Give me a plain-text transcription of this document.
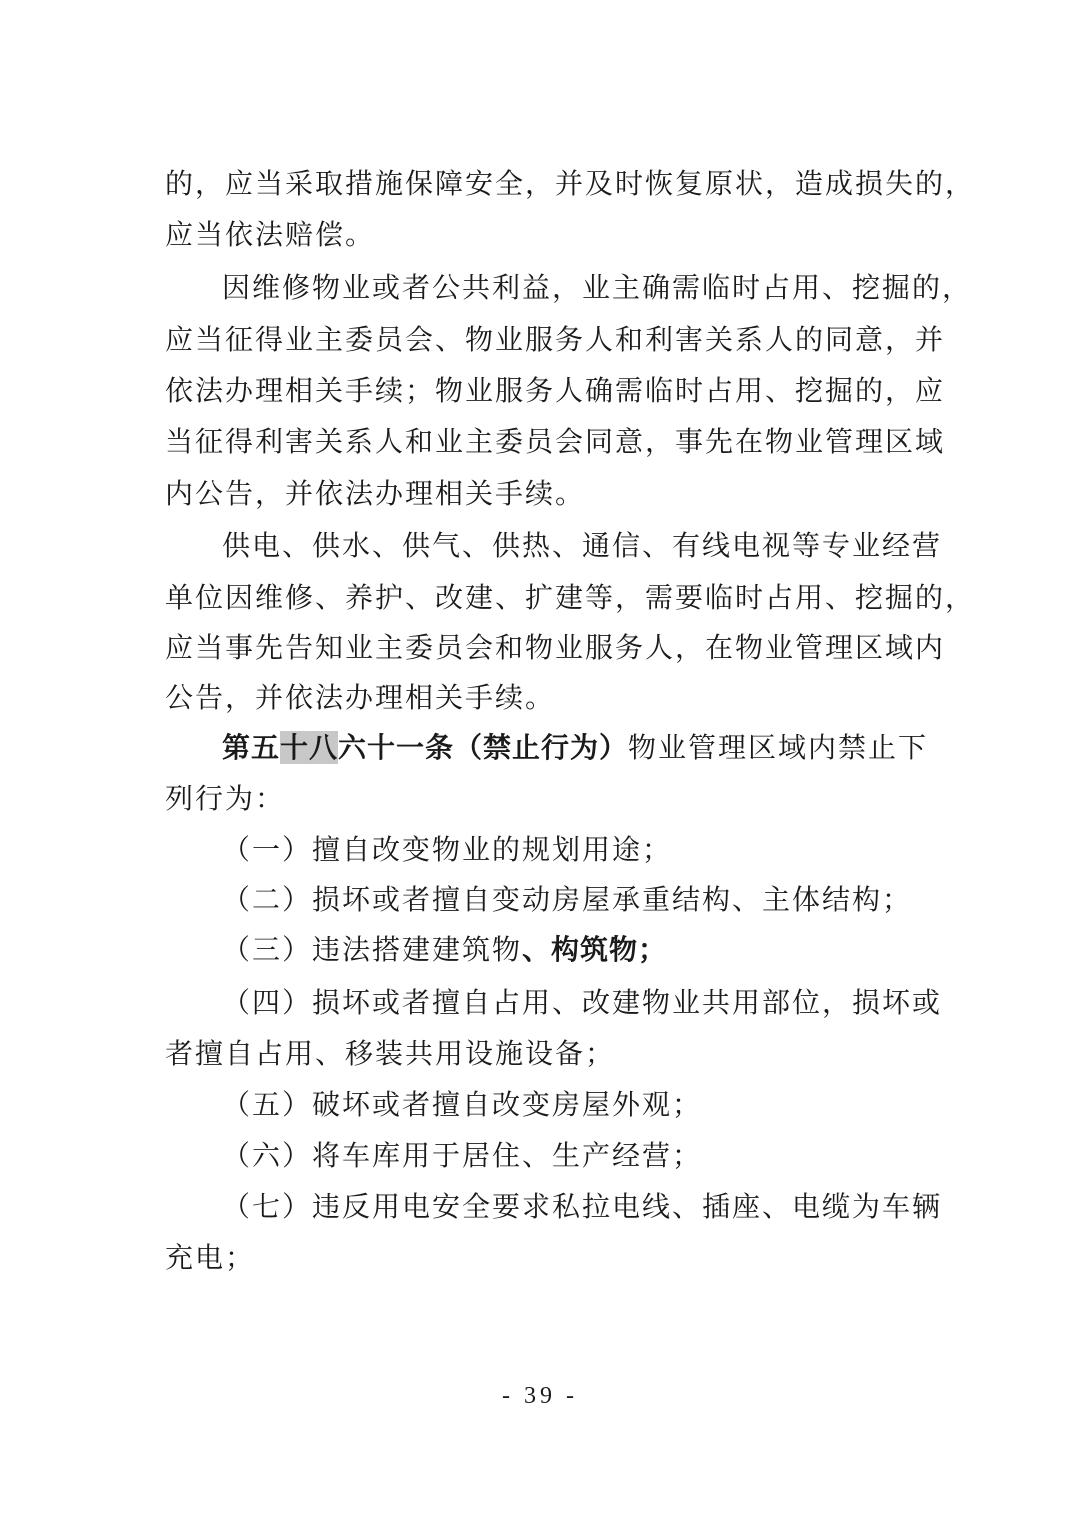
的，应当采取措施保障安全，并及时恢复原状，造成损失的，
应当依法赔偿。
因维修物业或者公共利益，业主确需临时占用、挖掘的，
应当征得业主委员会、物业服务人和利害关系人的同意，并
依法办理相关手续；物业服务人确需临时占用、挖掘的，应
当征得利害关系人和业主委员会同意，事先在物业管理区域
内公告，并依法办理相关手续。
供电、供水、供气、供热、通信、有线电视等专业经营
单位因维修、养护、改建、扩建等，需要临时占用、挖掘的，
应当事先告知业主委员会和物业服务人，在物业管理区域内
公告，并依法办理相关手续。
第五十八六十一条（禁止行为）物业管理区域内禁止下
列行为：
（一）擅自改变物业的规划用途；
（二）损坏或者擅自变动房屋承重结构、主体结构；
（三）违法搭建建筑物、构筑物；
（四）损坏或者擅自占用、改建物业共用部位，损坏或
者擅自占用、移装共用设施设备；
（五）破坏或者擅自改变房屋外观；
（六）将车库用于居住、生产经营；
（七）违反用电安全要求私拉电线、插座、电缆为车辆
充电；
- 39 -
